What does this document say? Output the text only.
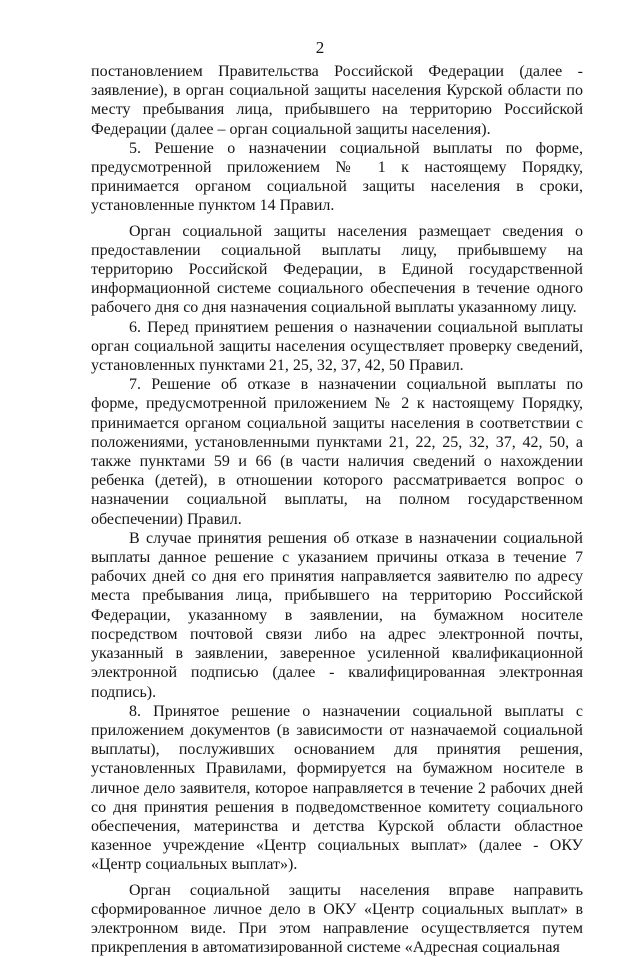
2

постановлением Правительства Российской Федерации (далее - заявление), в орган социальной защиты населения Курской области по месту пребывания лица, прибывшего на территорию Российской Федерации (далее – орган социальной защиты населения).

5. Решение о назначении социальной выплаты по форме, предусмотренной приложением № 1 к настоящему Порядку, принимается органом социальной защиты населения в сроки, установленные пунктом 14 Правил.

Орган социальной защиты населения размещает сведения о предоставлении социальной выплаты лицу, прибывшему на территорию Российской Федерации, в Единой государственной информационной системе социального обеспечения в течение одного рабочего дня со дня назначения социальной выплаты указанному лицу.

6. Перед принятием решения о назначении социальной выплаты орган социальной защиты населения осуществляет проверку сведений, установленных пунктами 21, 25, 32, 37, 42, 50 Правил.

7. Решение об отказе в назначении социальной выплаты по форме, предусмотренной приложением № 2 к настоящему Порядку, принимается органом социальной защиты населения в соответствии с положениями, установленными пунктами 21, 22, 25, 32, 37, 42, 50, а также пунктами 59 и 66 (в части наличия сведений о нахождении ребенка (детей), в отношении которого рассматривается вопрос о назначении социальной выплаты, на полном государственном обеспечении) Правил.

В случае принятия решения об отказе в назначении социальной выплаты данное решение с указанием причины отказа в течение 7 рабочих дней со дня его принятия направляется заявителю по адресу места пребывания лица, прибывшего на территорию Российской Федерации, указанному в заявлении, на бумажном носителе посредством почтовой связи либо на адрес электронной почты, указанный в заявлении, заверенное усиленной квалификационной электронной подписью (далее - квалифицированная электронная подпись).

8. Принятое решение о назначении социальной выплаты с приложением документов (в зависимости от назначаемой социальной выплаты), послуживших основанием для принятия решения, установленных Правилами, формируется на бумажном носителе в личное дело заявителя, которое направляется в течение 2 рабочих дней со дня принятия решения в подведомственное комитету социального обеспечения, материнства и детства Курской области областное казенное учреждение «Центр социальных выплат» (далее - ОКУ «Центр социальных выплат»).

Орган социальной защиты населения вправе направить сформированное личное дело в ОКУ «Центр социальных выплат» в электронном виде. При этом направление осуществляется путем прикрепления в автоматизированной системе «Адресная социальная
